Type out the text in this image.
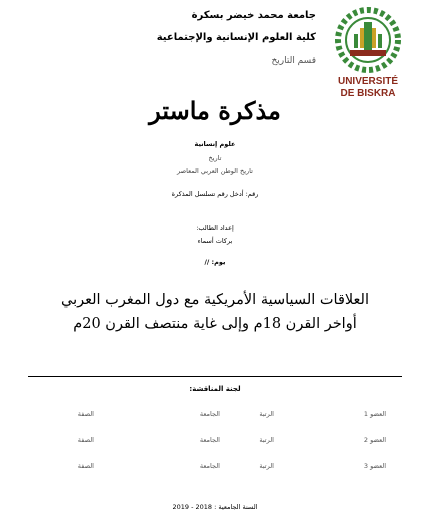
UNIVERSITÉ
DE BISKRA
جامعة محمد خيضر بسكرة
كلية العلوم الإنسانية والإجتماعية
قسم التاريخ
مذكرة ماستر
علوم إنسانية
تاريخ
تاريخ الوطن العربي المعاصر
رقم: أدخل رقم تسلسل المذكرة
إعداد الطالب:
بركات أسماء
يوم: //
العلاقات السياسية الأمريكية مع دول المغرب العربي
أواخر القرن 18م وإلى غاية منتصف القرن 20م
لجنة المناقشة:
العضو 1
الرتبة
الجامعة
الصفة
العضو 2
الرتبة
الجامعة
الصفة
العضو 3
الرتبة
الجامعة
الصفة
السنة الجامعية : 2018 - 2019
